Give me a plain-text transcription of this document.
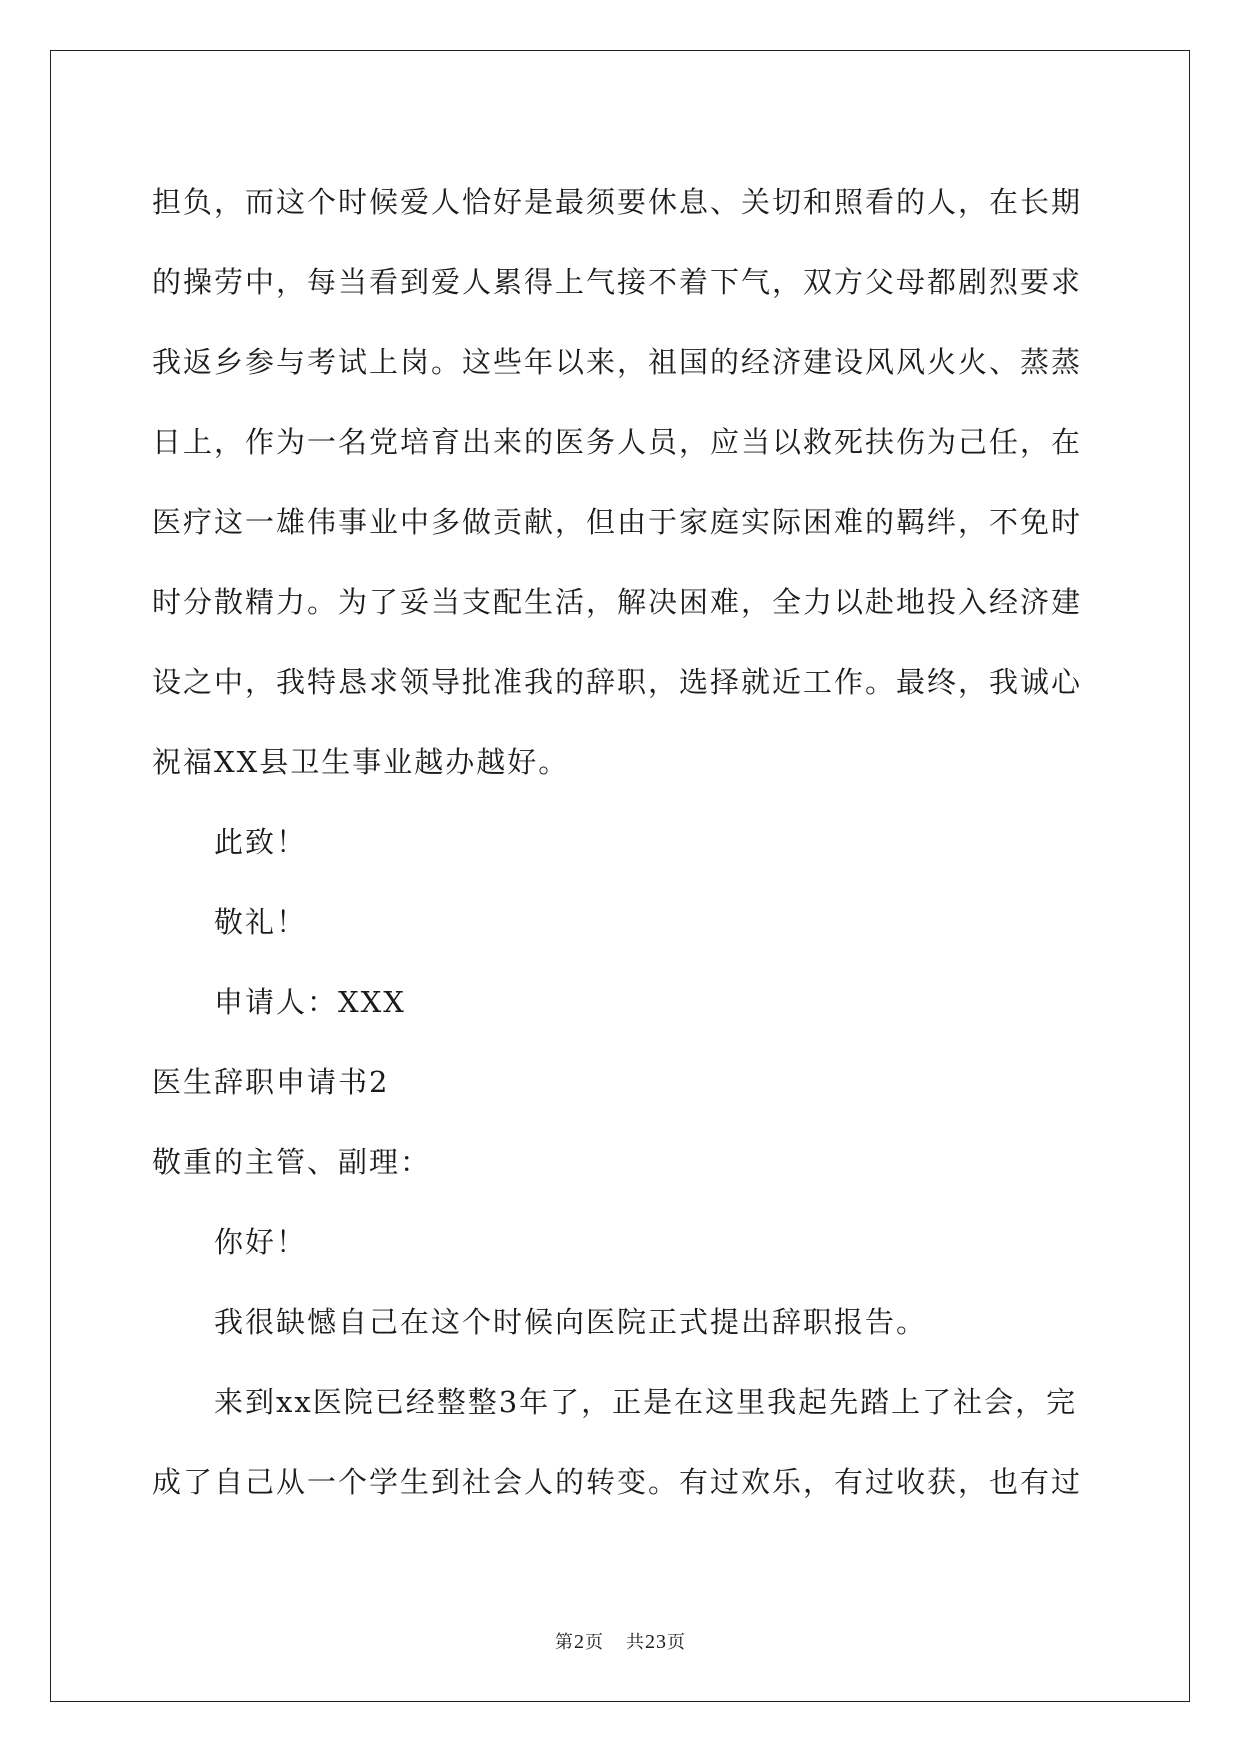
担负，而这个时候爱人恰好是最须要休息、关切和照看的人，在长期
的操劳中，每当看到爱人累得上气接不着下气，双方父母都剧烈要求
我返乡参与考试上岗。这些年以来，祖国的经济建设风风火火、蒸蒸
日上，作为一名党培育出来的医务人员，应当以救死扶伤为己任，在
医疗这一雄伟事业中多做贡献，但由于家庭实际困难的羁绊，不免时
时分散精力。为了妥当支配生活，解决困难，全力以赴地投入经济建
设之中，我特恳求领导批准我的辞职，选择就近工作。最终，我诚心
祝福XX县卫生事业越办越好。
此致！
敬礼！
申请人：XXX
医生辞职申请书2
敬重的主管、副理：
你好！
我很缺憾自己在这个时候向医院正式提出辞职报告。
来到xx医院已经整整3年了，正是在这里我起先踏上了社会，完
成了自己从一个学生到社会人的转变。有过欢乐，有过收获，也有过
第2页 共23页
